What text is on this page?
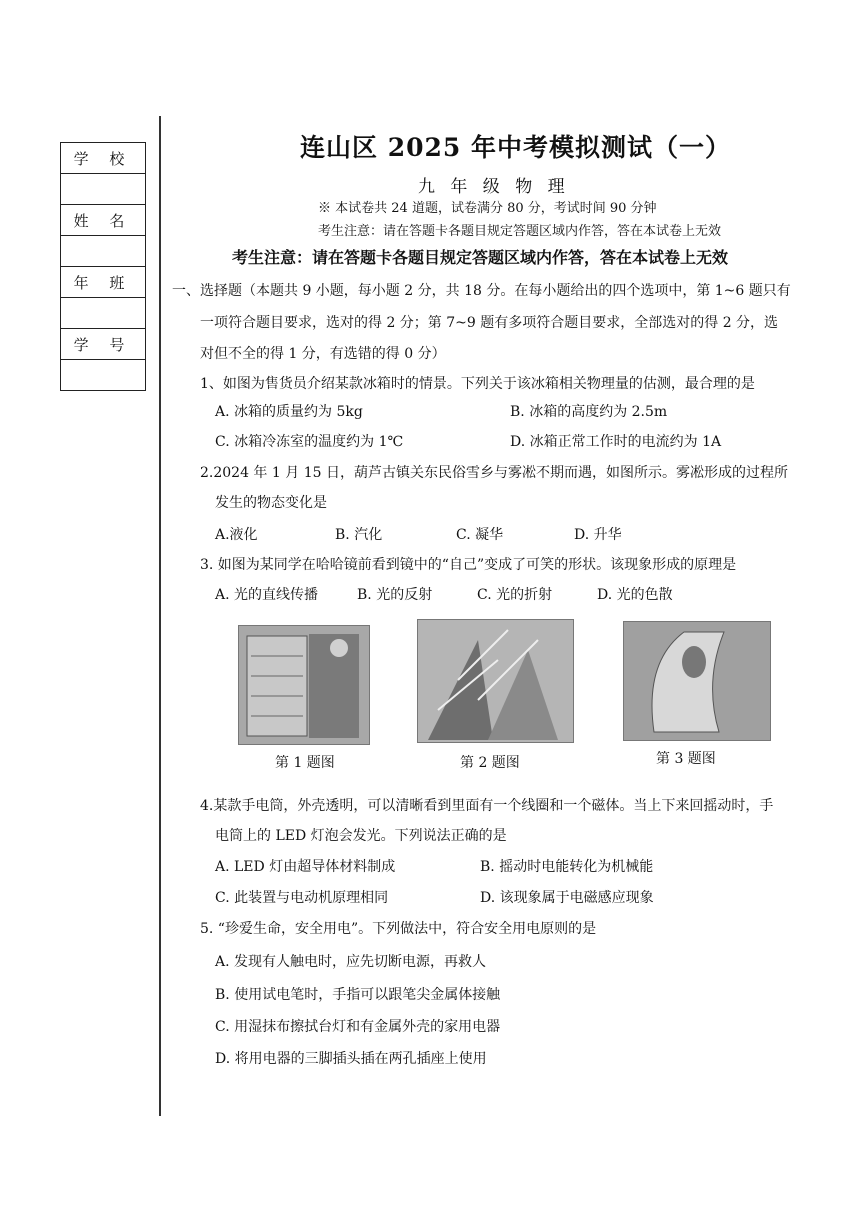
学 校
姓 名
年 班
学 号
连山区 2025 年中考模拟测试（一）
九 年 级 物 理
※ 本试卷共 24 道题，试卷满分 80 分，考试时间 90 分钟
考生注意：请在答题卡各题目规定答题区域内作答，答在本试卷上无效
考生注意：请在答题卡各题目规定答题区域内作答，答在本试卷上无效
一、选择题（本题共 9 小题，每小题 2 分，共 18 分。在每小题给出的四个选项中，第 1~6 题只有
一项符合题目要求，选对的得 2 分；第 7~9 题有多项符合题目要求，全部选对的得 2 分，选
对但不全的得 1 分，有选错的得 0 分）
1、如图为售货员介绍某款冰箱时的情景。下列关于该冰箱相关物理量的估测，最合理的是
A. 冰箱的质量约为 5kg	B. 冰箱的高度约为 2.5m
C. 冰箱冷冻室的温度约为 1℃	D. 冰箱正常工作时的电流约为 1A
2.2024 年 1 月 15 日，葫芦古镇关东民俗雪乡与雾凇不期而遇，如图所示。雾凇形成的过程所
发生的物态变化是
A.液化	B. 汽化	C. 凝华	D. 升华
3. 如图为某同学在哈哈镜前看到镜中的“自己”变成了可笑的形状。该现象形成的原理是
A. 光的直线传播	B. 光的反射	C. 光的折射	D. 光的色散
第 1 题图	第 2 题图	第 3 题图
4.某款手电筒，外壳透明，可以清晰看到里面有一个线圈和一个磁体。当上下来回摇动时，手
电筒上的 LED 灯泡会发光。下列说法正确的是
A. LED 灯由超导体材料制成	B. 摇动时电能转化为机械能
C. 此装置与电动机原理相同	D. 该现象属于电磁感应现象
5. “珍爱生命，安全用电”。下列做法中，符合安全用电原则的是
A. 发现有人触电时，应先切断电源，再救人
B. 使用试电笔时，手指可以跟笔尖金属体接触
C. 用湿抹布擦拭台灯和有金属外壳的家用电器
D. 将用电器的三脚插头插在两孔插座上使用
